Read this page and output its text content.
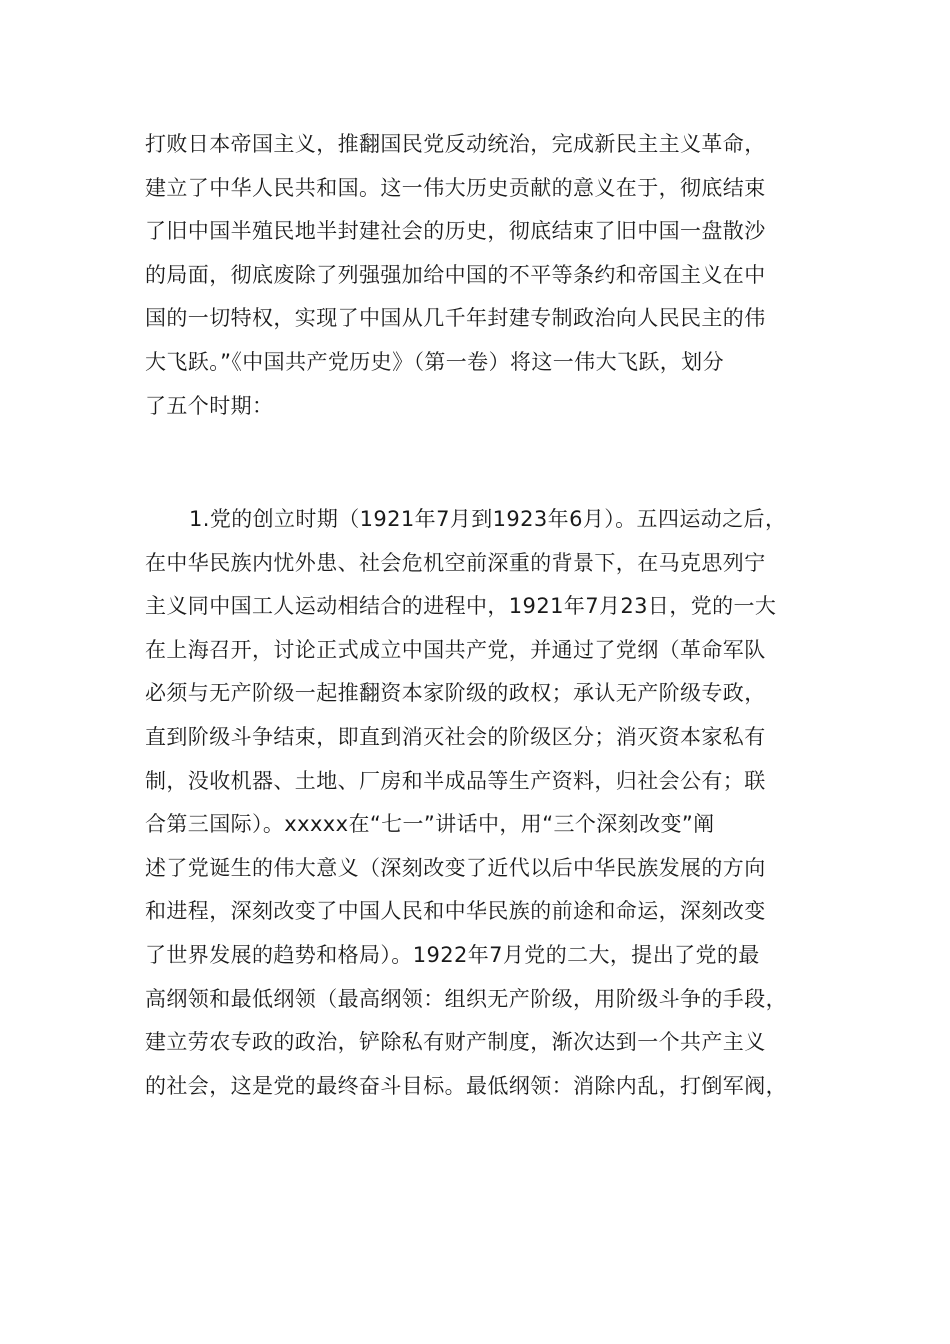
打败日本帝国主义，推翻国民党反动统治，完成新民主主义革命，
建立了中华人民共和国。这一伟大历史贡献的意义在于，彻底结束
了旧中国半殖民地半封建社会的历史，彻底结束了旧中国一盘散沙
的局面，彻底废除了列强强加给中国的不平等条约和帝国主义在中
国的一切特权，实现了中国从几千年封建专制政治向人民民主的伟
大飞跃。”《中国共产党历史》（第一卷）将这一伟大飞跃，划分
了五个时期：
1.党的创立时期（1921年7月到1923年6月）。五四运动之后，
在中华民族内忧外患、社会危机空前深重的背景下，在马克思列宁
主义同中国工人运动相结合的进程中，1921年7月23日，党的一大
在上海召开，讨论正式成立中国共产党，并通过了党纲（革命军队
必须与无产阶级一起推翻资本家阶级的政权；承认无产阶级专政，
直到阶级斗争结束，即直到消灭社会的阶级区分；消灭资本家私有
制，没收机器、土地、厂房和半成品等生产资料，归社会公有；联
合第三国际）。xxxxx在“七一”讲话中，用“三个深刻改变”阐
述了党诞生的伟大意义（深刻改变了近代以后中华民族发展的方向
和进程，深刻改变了中国人民和中华民族的前途和命运，深刻改变
了世界发展的趋势和格局）。1922年7月党的二大，提出了党的最
高纲领和最低纲领（最高纲领：组织无产阶级，用阶级斗争的手段，
建立劳农专政的政治，铲除私有财产制度，渐次达到一个共产主义
的社会，这是党的最终奋斗目标。最低纲领：消除内乱，打倒军阀，
